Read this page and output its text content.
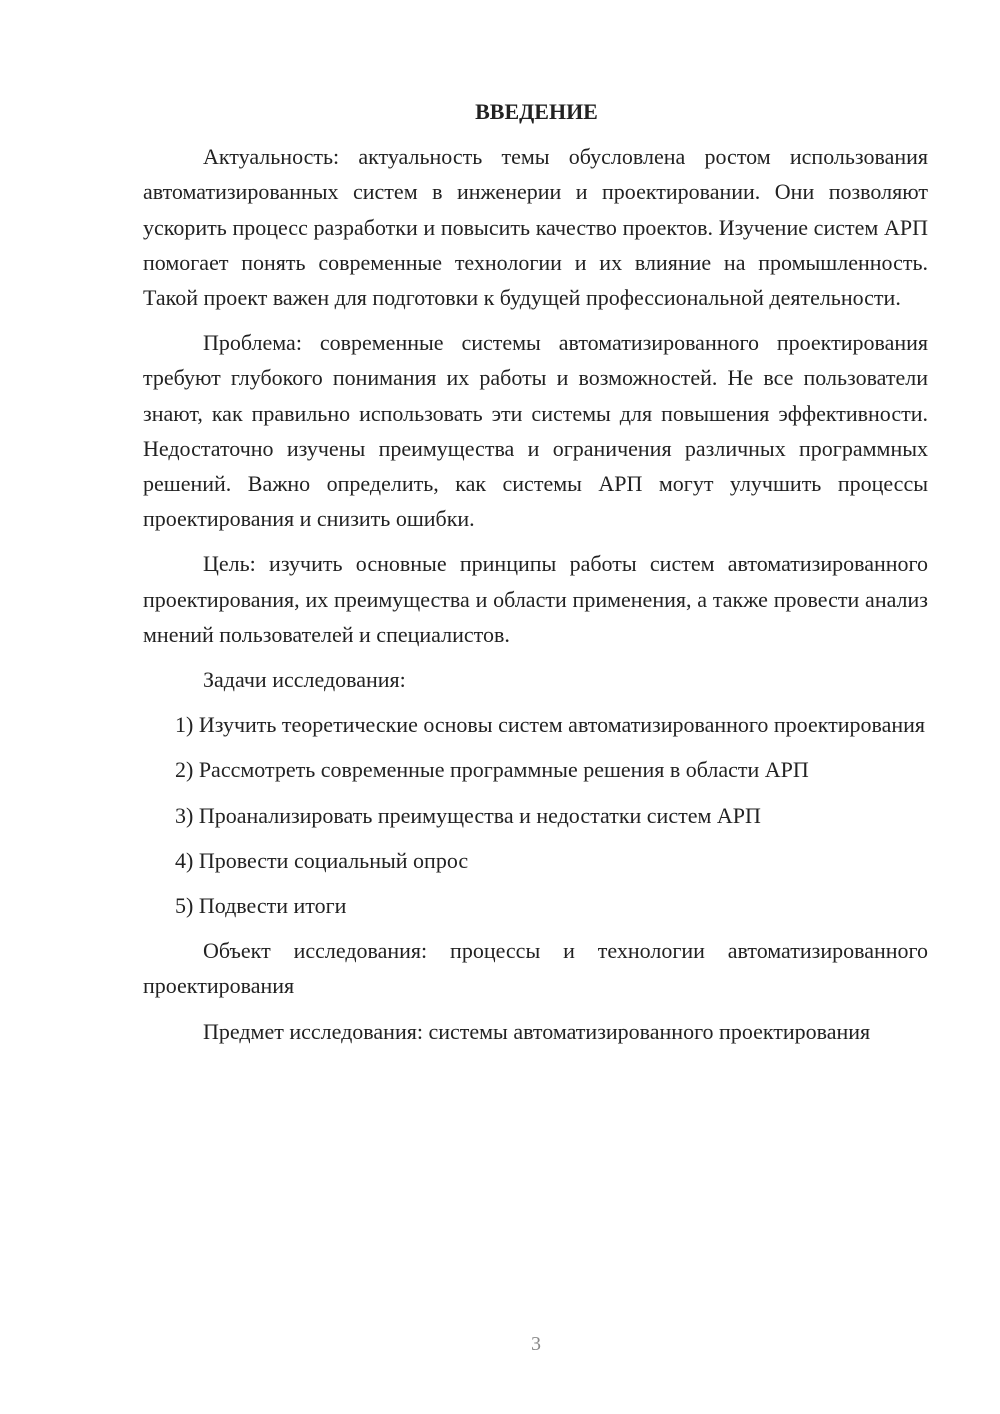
ВВЕДЕНИЕ
Актуальность: актуальность темы обусловлена ростом использования автоматизированных систем в инженерии и проектировании. Они позволяют ускорить процесс разработки и повысить качество проектов. Изучение систем АРП помогает понять современные технологии и их влияние на промышленность. Такой проект важен для подготовки к будущей профессиональной деятельности.
Проблема: современные системы автоматизированного проектирования требуют глубокого понимания их работы и возможностей. Не все пользователи знают, как правильно использовать эти системы для повышения эффективности. Недостаточно изучены преимущества и ограничения различных программных решений. Важно определить, как системы АРП могут улучшить процессы проектирования и снизить ошибки.
Цель: изучить основные принципы работы систем автоматизированного проектирования, их преимущества и области применения, а также провести анализ мнений пользователей и специалистов.
Задачи исследования:
1) Изучить теоретические основы систем автоматизированного проектирования
2) Рассмотреть современные программные решения в области АРП
3) Проанализировать преимущества и недостатки систем АРП
4) Провести социальный опрос
5) Подвести итоги
Объект исследования: процессы и технологии автоматизированного проектирования
Предмет исследования: системы автоматизированного проектирования
3
